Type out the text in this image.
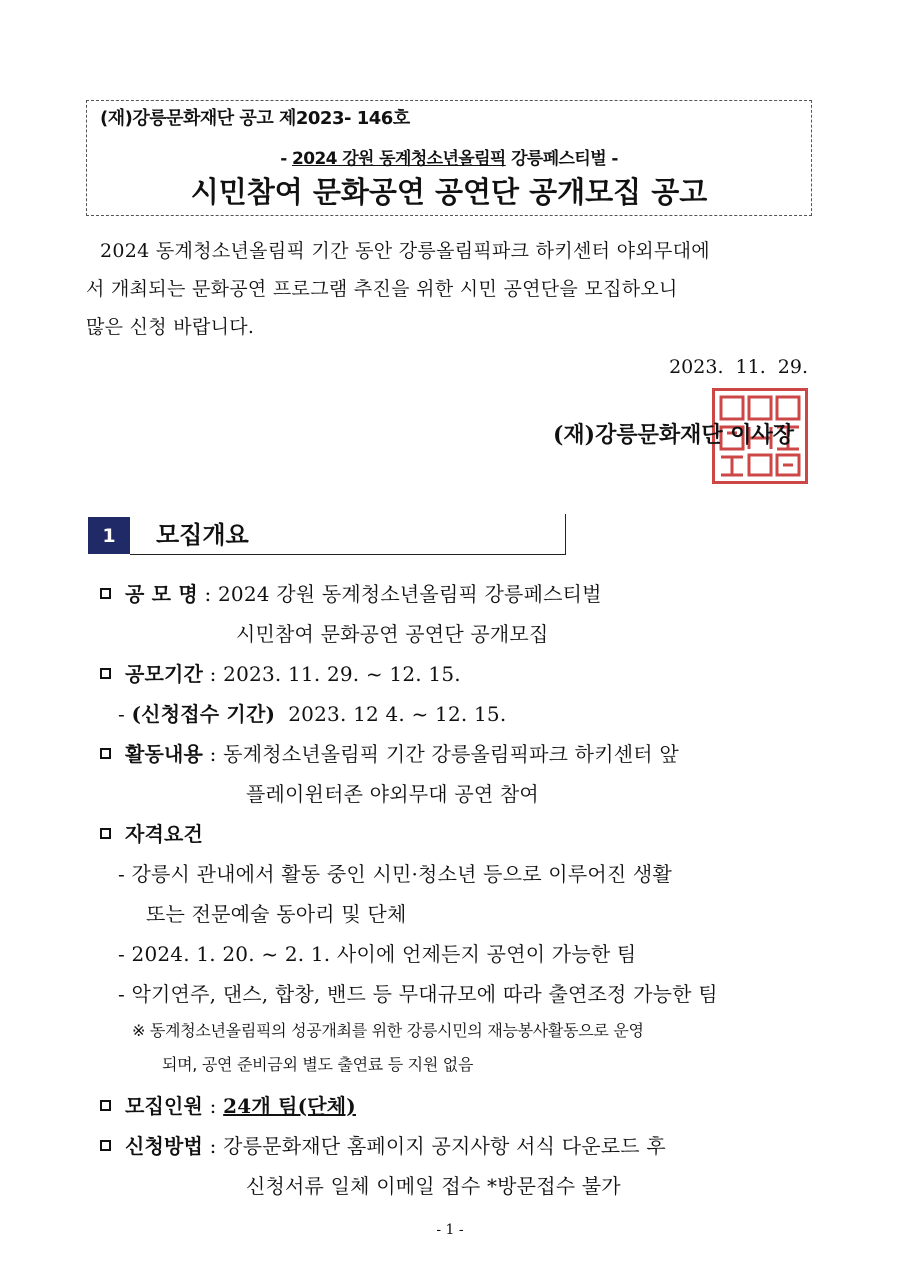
(재)강릉문화재단 공고 제2023- 146호
- 2024 강원 동계청소년올림픽 강릉페스티벌 -
시민참여 문화공연 공연단 공개모집 공고
2024 동계청소년올림픽 기간 동안 강릉올림픽파크 하키센터 야외무대에
서 개최되는 문화공연 프로그램 추진을 위한 시민 공연단을 모집하오니
많은 신청 바랍니다.
2023. 11. 29.
(재)강릉문화재단 이사장
1	모집개요
공 모 명 : 2024 강원 동계청소년올림픽 강릉페스티벌
시민참여 문화공연 공연단 공개모집
공모기간 : 2023. 11. 29. ~ 12. 15.
- (신청접수 기간) 2023. 12 4. ~ 12. 15.
활동내용 : 동계청소년올림픽 기간 강릉올림픽파크 하키센터 앞
플레이윈터존 야외무대 공연 참여
자격요건
- 강릉시 관내에서 활동 중인 시민·청소년 등으로 이루어진 생활
또는 전문예술 동아리 및 단체
- 2024. 1. 20. ~ 2. 1. 사이에 언제든지 공연이 가능한 팀
- 악기연주, 댄스, 합창, 밴드 등 무대규모에 따라 출연조정 가능한 팀
※ 동계청소년올림픽의 성공개최를 위한 강릉시민의 재능봉사활동으로 운영
되며, 공연 준비금외 별도 출연료 등 지원 없음
모집인원 : 24개 팀(단체)
신청방법 : 강릉문화재단 홈페이지 공지사항 서식 다운로드 후
신청서류 일체 이메일 접수 *방문접수 불가
- 1 -
